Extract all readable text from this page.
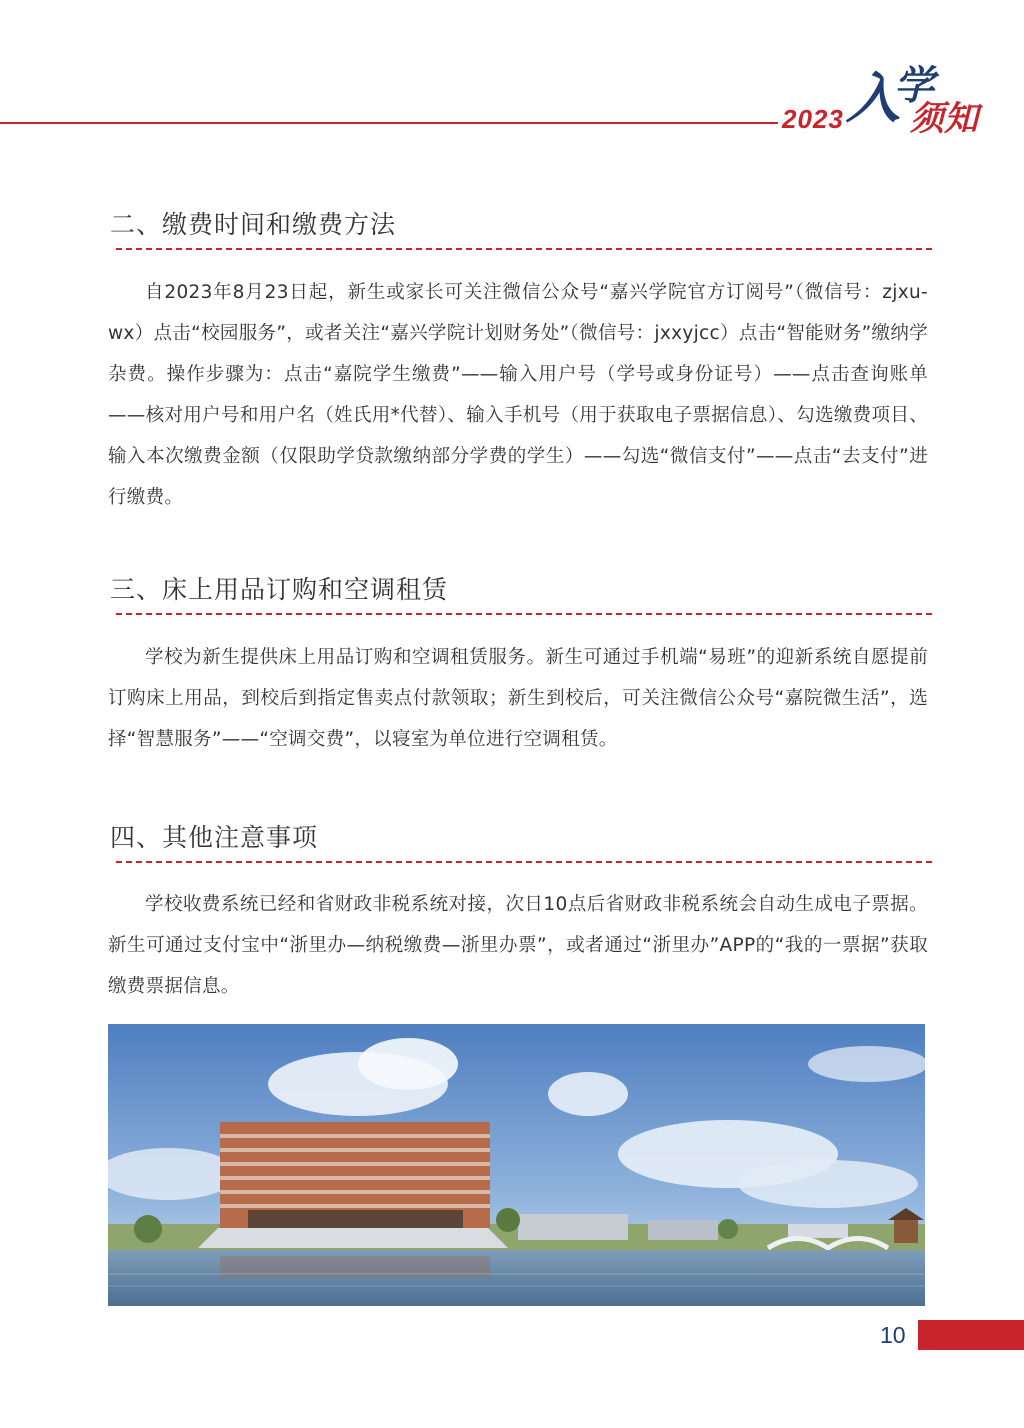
2023 入
学
须知
二、缴费时间和缴费方法
自2023年8月23日起，新生或家长可关注微信公众号“嘉兴学院官方订阅号”（微信号：zjxu-wx）点击“校园服务”，或者关注“嘉兴学院计划财务处”（微信号：jxxyjcc）点击“智能财务”缴纳学杂费。操作步骤为：点击“嘉院学生缴费”——输入用户号（学号或身份证号）——点击查询账单——核对用户号和用户名（姓氏用*代替）、输入手机号（用于获取电子票据信息）、勾选缴费项目、输入本次缴费金额（仅限助学贷款缴纳部分学费的学生）——勾选“微信支付”——点击“去支付”进行缴费。
三、床上用品订购和空调租赁
学校为新生提供床上用品订购和空调租赁服务。新生可通过手机端“易班”的迎新系统自愿提前订购床上用品，到校后到指定售卖点付款领取；新生到校后，可关注微信公众号“嘉院微生活”，选择“智慧服务”——“空调交费”，以寝室为单位进行空调租赁。
四、其他注意事项
学校收费系统已经和省财政非税系统对接，次日10点后省财政非税系统会自动生成电子票据。新生可通过支付宝中“浙里办—纳税缴费—浙里办票”，或者通过“浙里办”APP的“我的一票据”获取缴费票据信息。
10
